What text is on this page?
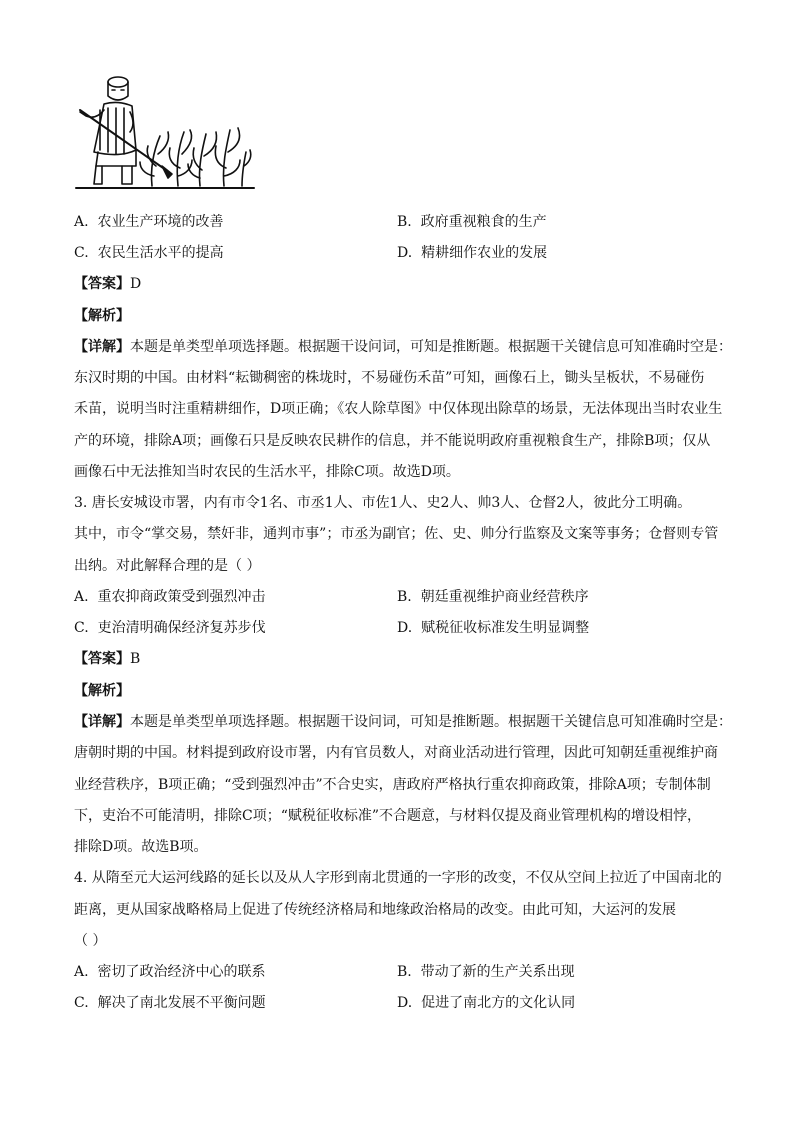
A. 农业生产环境的改善	B. 政府重视粮食的生产
C. 农民生活水平的提高	D. 精耕细作农业的发展
【答案】D
【解析】
【详解】本题是单类型单项选择题。根据题干设问词，可知是推断题。根据题干关键信息可知准确时空是：
东汉时期的中国。由材料“耘锄稠密的株垅时，不易碰伤禾苗”可知，画像石上，锄头呈板状，不易碰伤
禾苗，说明当时注重精耕细作，D项正确；《农人除草图》中仅体现出除草的场景，无法体现出当时农业生
产的环境，排除A项；画像石只是反映农民耕作的信息，并不能说明政府重视粮食生产，排除B项；仅从
画像石中无法推知当时农民的生活水平，排除C项。故选D项。
3. 唐长安城设市署，内有市令1名、市丞1人、市佐1人、史2人、帅3人、仓督2人，彼此分工明确。
其中，市令“掌交易，禁奸非，通判市事”；市丞为副官；佐、史、帅分行监察及文案等事务；仓督则专管
出纳。对此解释合理的是（ ）
A. 重农抑商政策受到强烈冲击	B. 朝廷重视维护商业经营秩序
C. 吏治清明确保经济复苏步伐	D. 赋税征收标准发生明显调整
【答案】B
【解析】
【详解】本题是单类型单项选择题。根据题干设问词，可知是推断题。根据题干关键信息可知准确时空是：
唐朝时期的中国。材料提到政府设市署，内有官员数人，对商业活动进行管理，因此可知朝廷重视维护商
业经营秩序，B项正确；“受到强烈冲击”不合史实，唐政府严格执行重农抑商政策，排除A项；专制体制
下，吏治不可能清明，排除C项；“赋税征收标准”不合题意，与材料仅提及商业管理机构的增设相悖，
排除D项。故选B项。
4. 从隋至元大运河线路的延长以及从人字形到南北贯通的一字形的改变，不仅从空间上拉近了中国南北的
距离，更从国家战略格局上促进了传统经济格局和地缘政治格局的改变。由此可知，大运河的发展
（ ）
A. 密切了政治经济中心的联系	B. 带动了新的生产关系出现
C. 解决了南北发展不平衡问题	D. 促进了南北方的文化认同
